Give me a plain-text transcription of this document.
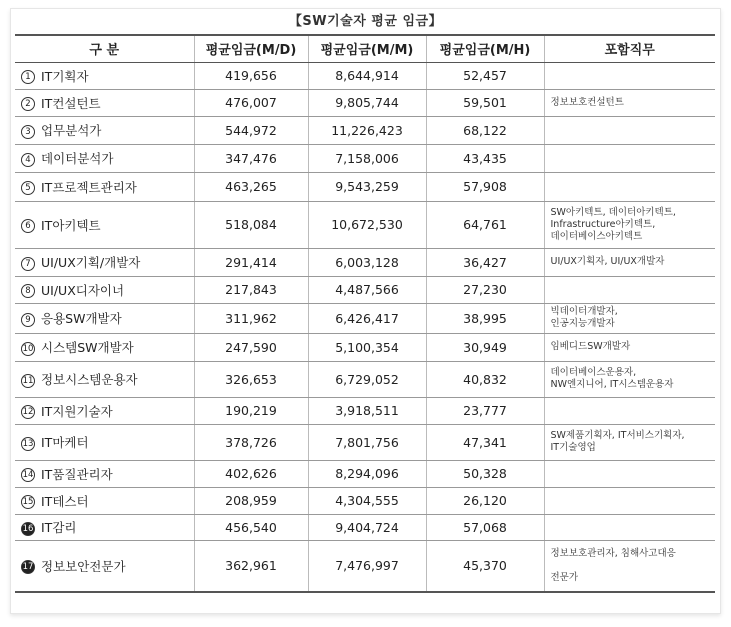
【SW기술자 평균 임금】
구 분	평균임금(M/D)	평균임금(M/M)	평균임금(M/H)	포함직무
1 IT기획자	419,656	8,644,914	52,457	
2 IT컨설턴트	476,007	9,805,744	59,501	정보보호컨설턴트

3 업무분석가	544,972	11,226,423	68,122	
4 데이터분석가	347,476	7,158,006	43,435	
5 IT프로젝트관리자	463,265	9,543,259	57,908	
6 IT아키텍트	518,084	10,672,530	64,761	SW아키텍트, 데이터아키텍트,
Infrastructure아키텍트,
데이터베이스아키텍트

7 UI/UX기획/개발자	291,414	6,003,128	36,427	UI/UX기획자, UI/UX개발자

8 UI/UX디자이너	217,843	4,487,566	27,230	
9 응용SW개발자	311,962	6,426,417	38,995	빅데이터개발자,
인공지능개발자

10 시스템SW개발자	247,590	5,100,354	30,949	임베디드SW개발자

11 정보시스템운용자	326,653	6,729,052	40,832	데이터베이스운용자,
NW엔지니어, IT시스템운용자

12 IT지원기술자	190,219	3,918,511	23,777	
13 IT마케터	378,726	7,801,756	47,341	SW제품기획자, IT서비스기획자,
IT기술영업

14 IT품질관리자	402,626	8,294,096	50,328	
15 IT테스터	208,959	4,304,555	26,120	
16 IT감리	456,540	9,404,724	57,068	
17 정보보안전문가	362,961	7,476,997	45,370	정보보호관리자, 침해사고대응
전문가
